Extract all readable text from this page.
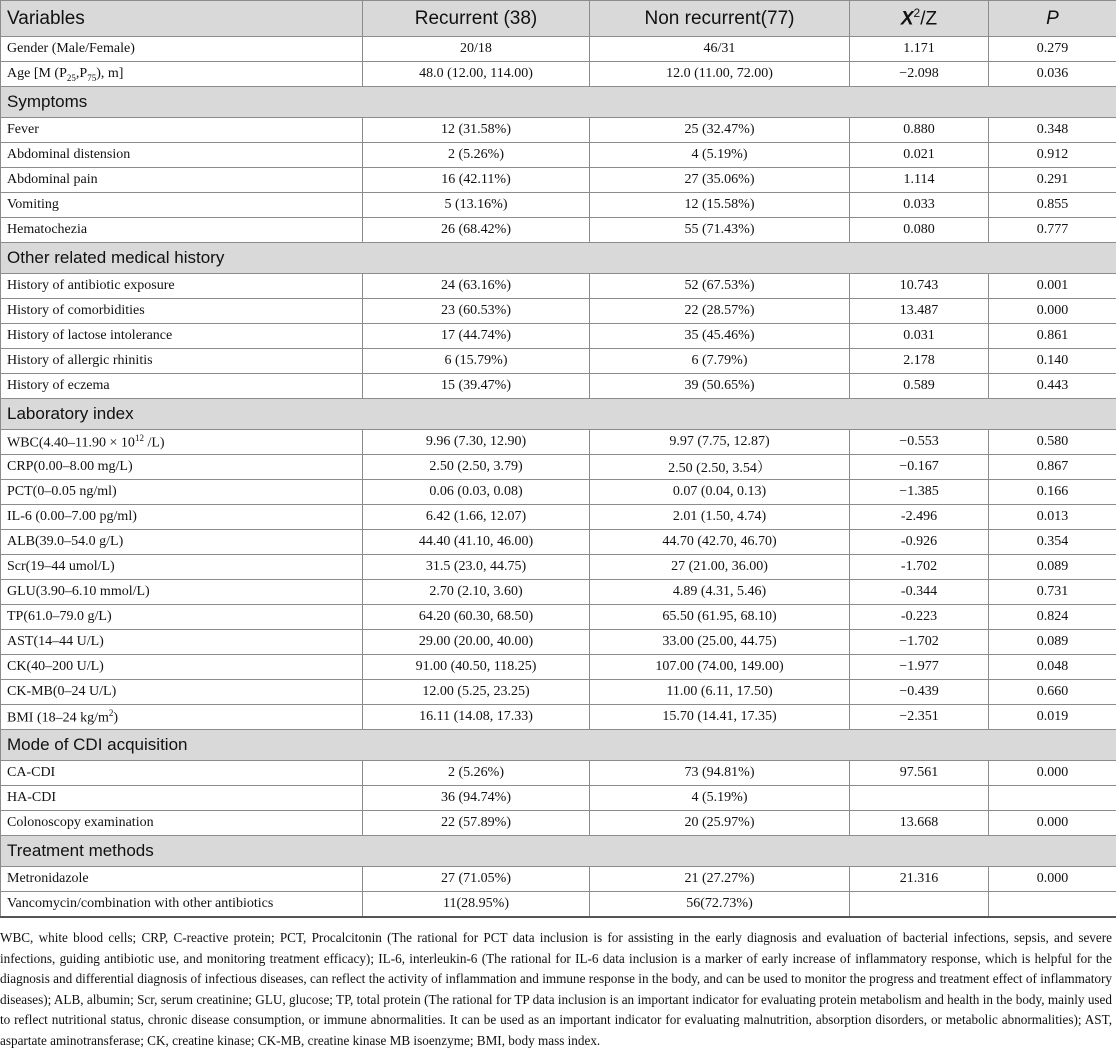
Variables	Recurrent (38)	Non recurrent(77)	$X^2/Z$	P
Gender (Male/Female)	20/18	46/31	1.171	0.279
Age [M $(P_{25},P_{75})$, m]	48.0 (12.00, 114.00)	12.0 (11.00, 72.00)	−2.098	0.036
Symptoms				
Fever	12 (31.58%)	25 (32.47%)	0.880	0.348
Abdominal distension	2 (5.26%)	4 (5.19%)	0.021	0.912
Abdominal pain	16 (42.11%)	27 (35.06%)	1.114	0.291
Vomiting	5 (13.16%)	12 (15.58%)	0.033	0.855
Hematochezia	26 (68.42%)	55 (71.43%)	0.080	0.777
Other related medical history				
History of antibiotic exposure	24 (63.16%)	52 (67.53%)	10.743	0.001
History of comorbidities	23 (60.53%)	22 (28.57%)	13.487	0.000
History of lactose intolerance	17 (44.74%)	35 (45.46%)	0.031	0.861
History of allergic rhinitis	6 (15.79%)	6 (7.79%)	2.178	0.140
History of eczema	15 (39.47%)	39 (50.65%)	0.589	0.443
Laboratory index				
$WBC(4.40-11.90 \times 10^{12}$ /L)	9.96 (7.30, 12.90)	9.97 (7.75, 12.87)	−0.553	0.580
CRP(0.00–8.00 mg/L)	2.50 (2.50, 3.79)	2.50 (2.50, 3.54）	−0.167	0.867
PCT(0–0.05 ng/ml)	0.06 (0.03, 0.08)	0.07 (0.04, 0.13)	−1.385	0.166
IL-6 (0.00–7.00 pg/ml)	6.42 (1.66, 12.07)	2.01 (1.50, 4.74)	-2.496	0.013
ALB(39.0–54.0 g/L)	44.40 (41.10, 46.00)	44.70 (42.70, 46.70)	-0.926	0.354
Scr(19–44 umol/L)	31.5 (23.0, 44.75)	27 (21.00, 36.00)	-1.702	0.089
GLU(3.90–6.10 mmol/L)	2.70 (2.10, 3.60)	4.89 (4.31, 5.46)	-0.344	0.731
TP(61.0–79.0 g/L)	64.20 (60.30, 68.50)	65.50 (61.95, 68.10)	-0.223	0.824
AST(14–44 U/L)	29.00 (20.00, 40.00)	33.00 (25.00, 44.75)	−1.702	0.089
CK(40–200 U/L)	91.00 (40.50, 118.25)	107.00 (74.00, 149.00)	−1.977	0.048
CK-MB(0–24 U/L)	12.00 (5.25, 23.25)	11.00 (6.11, 17.50)	−0.439	0.660
BMI (18–24 $kg/m^2$)	16.11 (14.08, 17.33)	15.70 (14.41, 17.35)	−2.351	0.019
Mode of CDI acquisition				
CA-CDI	2 (5.26%)	73 (94.81%)	97.561	0.000
HA-CDI	36 (94.74%)	4 (5.19%)		
Colonoscopy examination	22 (57.89%)	20 (25.97%)	13.668	0.000
Treatment methods				
Metronidazole	27 (71.05%)	21 (27.27%)	21.316	0.000
Vancomycin/combination with other antibiotics	11(28.95%)	56(72.73%)		
WBC, white blood cells; CRP, C-reactive protein; PCT, Procalcitonin (The rational for PCT data inclusion is for assisting in the early diagnosis and evaluation of bacterial infections, sepsis, and severe infections, guiding antibiotic use, and monitoring treatment efficacy); IL-6, interleukin-6 (The rational for IL-6 data inclusion is a marker of early increase of inflammatory response, which is helpful for the diagnosis and differential diagnosis of infectious diseases, can reflect the activity of inflammation and immune response in the body, and can be used to monitor the progress and treatment effect of inflammatory diseases); ALB, albumin; Scr, serum creatinine; GLU, glucose; TP, total protein (The rational for TP data inclusion is an important indicator for evaluating protein metabolism and health in the body, mainly used to reflect nutritional status, chronic disease consumption, or immune abnormalities. It can be used as an important indicator for evaluating malnutrition, absorption disorders, or metabolic abnormalities); AST, aspartate aminotransferase; CK, creatine kinase; CK-MB, creatine kinase MB isoenzyme; BMI, body mass index.
